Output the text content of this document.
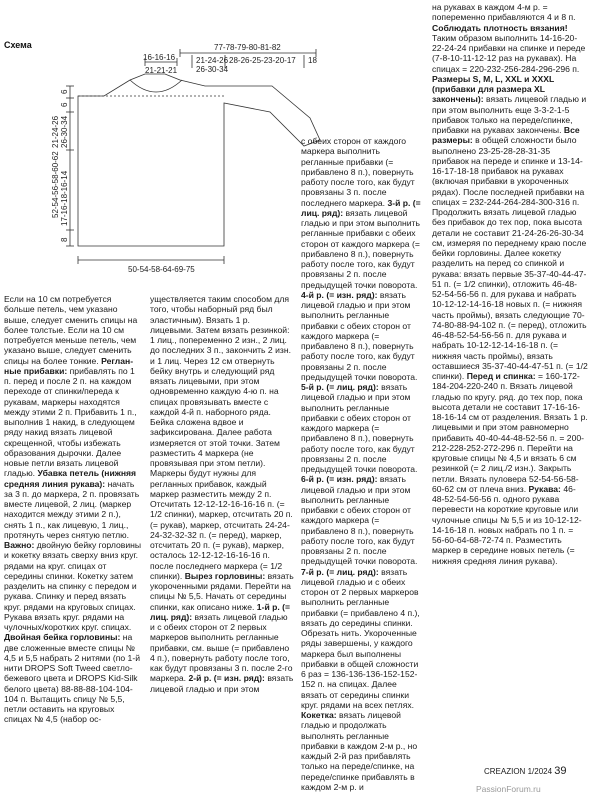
Схема
16-16-16
21-21-21
21-24-26
26-30-34
28-26-25-23-20-17 18
77-78-79-80-81-82
6
6
21-24-26 26-30-34
52-54-56-58-60-62 17-16-18-16-14
8
50-54-58-64-69-75
Если на 10 см потребуется больше петель, чем указано выше, следует сменить спицы на более толстые. Если на 10 см потребуется меньше петель, чем указано выше, следует сменить спицы на более тонкие. Регланные прибавки: прибавлять по 1 п. перед и после 2 п. на каждом переходе от спинки/переда к рукавам, маркеры находятся между этими 2 п. Прибавить 1 п., выполнив 1 накид, в следующем ряду накид вязать лицевой скрещенной, чтобы избежать образования дырочки. Далее новые петли вязать лицевой гладью. Убавка петель (нижняя средняя линия рукава): начать за 3 п. до маркера, 2 п. провязать вместе лицевой, 2 лиц. (маркер находится между этими 2 п.), снять 1 п., как лицевую, 1 лиц., протянуть через снятую петлю. Важно: двойную бейку горловины и кокетку вязать сверху вниз круг. рядами на круг. спицах от середины спинки. Кокетку затем разделить на спинку с передом и рукава. Спинку и перед вязать круг. рядами на круговых спицах. Рукава вязать круг. рядами на чулочных/коротких круг. спицах. Двойная бейка горловины: на две сложенные вместе спицы № 4,5 и 5,5 набрать 2 нитями (по 1-й нити DROPS Soft Tweed светло-бежевого цвета и DROPS Kid-Silk белого цвета) 88-88-88-104-104-104 п. Вытащить спицу № 5,5, петли оставить на круговых спицах № 4,5 (набор ос-
уществляется таким способом для того, чтобы наборный ряд был эластичным). Вязать 1 р. лицевыми. Затем вязать резинкой: 1 лиц., попеременно 2 изн., 2 лиц. до последних 3 п., закончить 2 изн. и 1 лиц. Через 12 см отвернуть бейку внутрь и следующий ряд вязать лицевыми, при этом одновременно каждую 4-ю п. на спицах провязывать вместе с каждой 4-й п. наборного ряда. Бейка сложена вдвое и зафиксирована. Далее работа измеряется от этой точки. Затем разместить 4 маркера (не провязывая при этом петли). Маркеры будут нужны для регланных прибавок, каждый маркер разместить между 2 п. Отсчитать 12-12-12-16-16-16 п. (= 1/2 спинки), маркер, отсчитать 20 п. (= рукав), маркер, отсчитать 24-24-24-32-32-32 п. (= перед), маркер, отсчитать 20 п. (= рукав), маркер, осталось 12-12-12-16-16-16 п. после последнего маркера (= 1/2 спинки). Вырез горловины: вязать укороченными рядами. Перейти на спицы № 5,5. Начать от середины спинки, как описано ниже. 1-й р. (= лиц. ряд): вязать лицевой гладью и с обеих сторон от 2 первых маркеров выполнить регланные прибавки, см. выше (= прибавлено 4 п.), повернуть работу после того, как будут провязаны 3 п. после 2-го маркера. 2-й р. (= изн. ряд): вязать лицевой гладью и при этом
с обеих сторон от каждого маркера выполнить регланные прибавки (= прибавлено 8 п.), повернуть работу после того, как будут провязаны 3 п. после последнего маркера. 3-й р. (= лиц. ряд): вязать лицевой гладью и при этом выполнить регланные прибавки с обеих сторон от каждого маркера (= прибавлено 8 п.), повернуть работу после того, как будут провязаны 2 п. после предыдущей точки поворота. 4-й р. (= изн. ряд): вязать лицевой гладью и при этом выполнить регланные прибавки с обеих сторон от каждого маркера (= прибавлено 8 п.), повернуть работу после того, как будут провязаны 2 п. после предыдущей точки поворота. 5-й р. (= лиц. ряд): вязать лицевой гладью и при этом выполнить регланные прибавки с обеих сторон от каждого маркера (= прибавлено 8 п.), повернуть работу после того, как будут провязаны 2 п. после предыдущей точки поворота. 6-й р. (= изн. ряд): вязать лицевой гладью и при этом выполнить регланные прибавки с обеих сторон от каждого маркера (= прибавлено 8 п.), повернуть работу после того, как будут провязаны 2 п. после предыдущей точки поворота. 7-й р. (= лиц. ряд): вязать лицевой гладью и с обеих сторон от 2 первых маркеров выполнить регланные прибавки (= прибавлено 4 п.), вязать до середины спинки. Обрезать нить. Укороченные ряды завершены, у каждого маркера был выполнены прибавки в общей сложности 6 раз = 136-136-136-152-152-152 п. на спицах. Далее вязать от середины спинки круг. рядами на всех петлях. Кокетка: вязать лицевой гладью и продолжать выполнять регланные прибавки в каждом 2-м р., но каждый 2-й раз прибавлять только на переде/спинке, на переде/спинке прибавлять в каждом 2-м р. и
на рукавах в каждом 4-м р. = попеременно прибавляются 4 и 8 п. Соблюдать плотность вязания! Таким образом выполнить 14-16-20-22-24-24 прибавки на спинке и переде (7-8-10-11-12-12 раз на рукавах). На спицах = 220-232-256-284-296-296 п. Размеры S, M, L, XXL и XXXL (прибавки для размера XL закончены): вязать лицевой гладью и при этом выполнить еще 3-3-2-1-5 прибавок только на переде/спинке, прибавки на рукавах закончены. Все размеры: в общей сложности было выполнено 23-25-28-28-31-35 прибавок на переде и спинке и 13-14-16-17-18-18 прибавок на рукавах (включая прибавки в укороченных рядах). После последней прибавки на спицах = 232-244-264-284-300-316 п. Продолжить вязать лицевой гладью без прибавок до тех пор, пока высота детали не составит 21-24-26-26-30-34 см, измеряя по переднему краю после бейки горловины. Далее кокетку разделить на перед со спинкой и рукава: вязать первые 35-37-40-44-47-51 п. (= 1/2 спинки), отложить 46-48-52-54-56-56 п. для рукава и набрать 10-12-12-14-16-18 новых п. (= нижняя часть проймы), вязать следующие 70-74-80-88-94-102 п. (= перед), отложить 46-48-52-54-56-56 п. для рукава и набрать 10-12-12-14-16-18 п. (= нижняя часть проймы), вязать оставшиеся 35-37-40-44-47-51 п. (= 1/2 спинки). Перед и спинка: = 160-172-184-204-220-240 п. Вязать лицевой гладью по кругу. ряд. до тех пор, пока высота детали не составит 17-16-16-18-16-14 см от разделения. Вязать 1 р. лицевыми и при этом равномерно прибавить 40-40-44-48-52-56 п. = 200-212-228-252-272-296 п. Перейти на круговые спицы № 4,5 и вязать 6 см резинкой (= 2 лиц./2 изн.). Закрыть петли. Вязать пуловера 52-54-56-58-60-62 см от плеча вниз. Рукава: 46-48-52-54-56-56 п. одного рукава перевести на короткие круговые или чулочные спицы № 5,5 и из 10-12-12-14-16-18 п. новых набрать по 1 п. = 56-60-64-68-72-74 п. Разместить маркер в середине новых петель (= нижняя средняя линия рукава).
CREAZION 1/2024 39
PassionForum.ru
